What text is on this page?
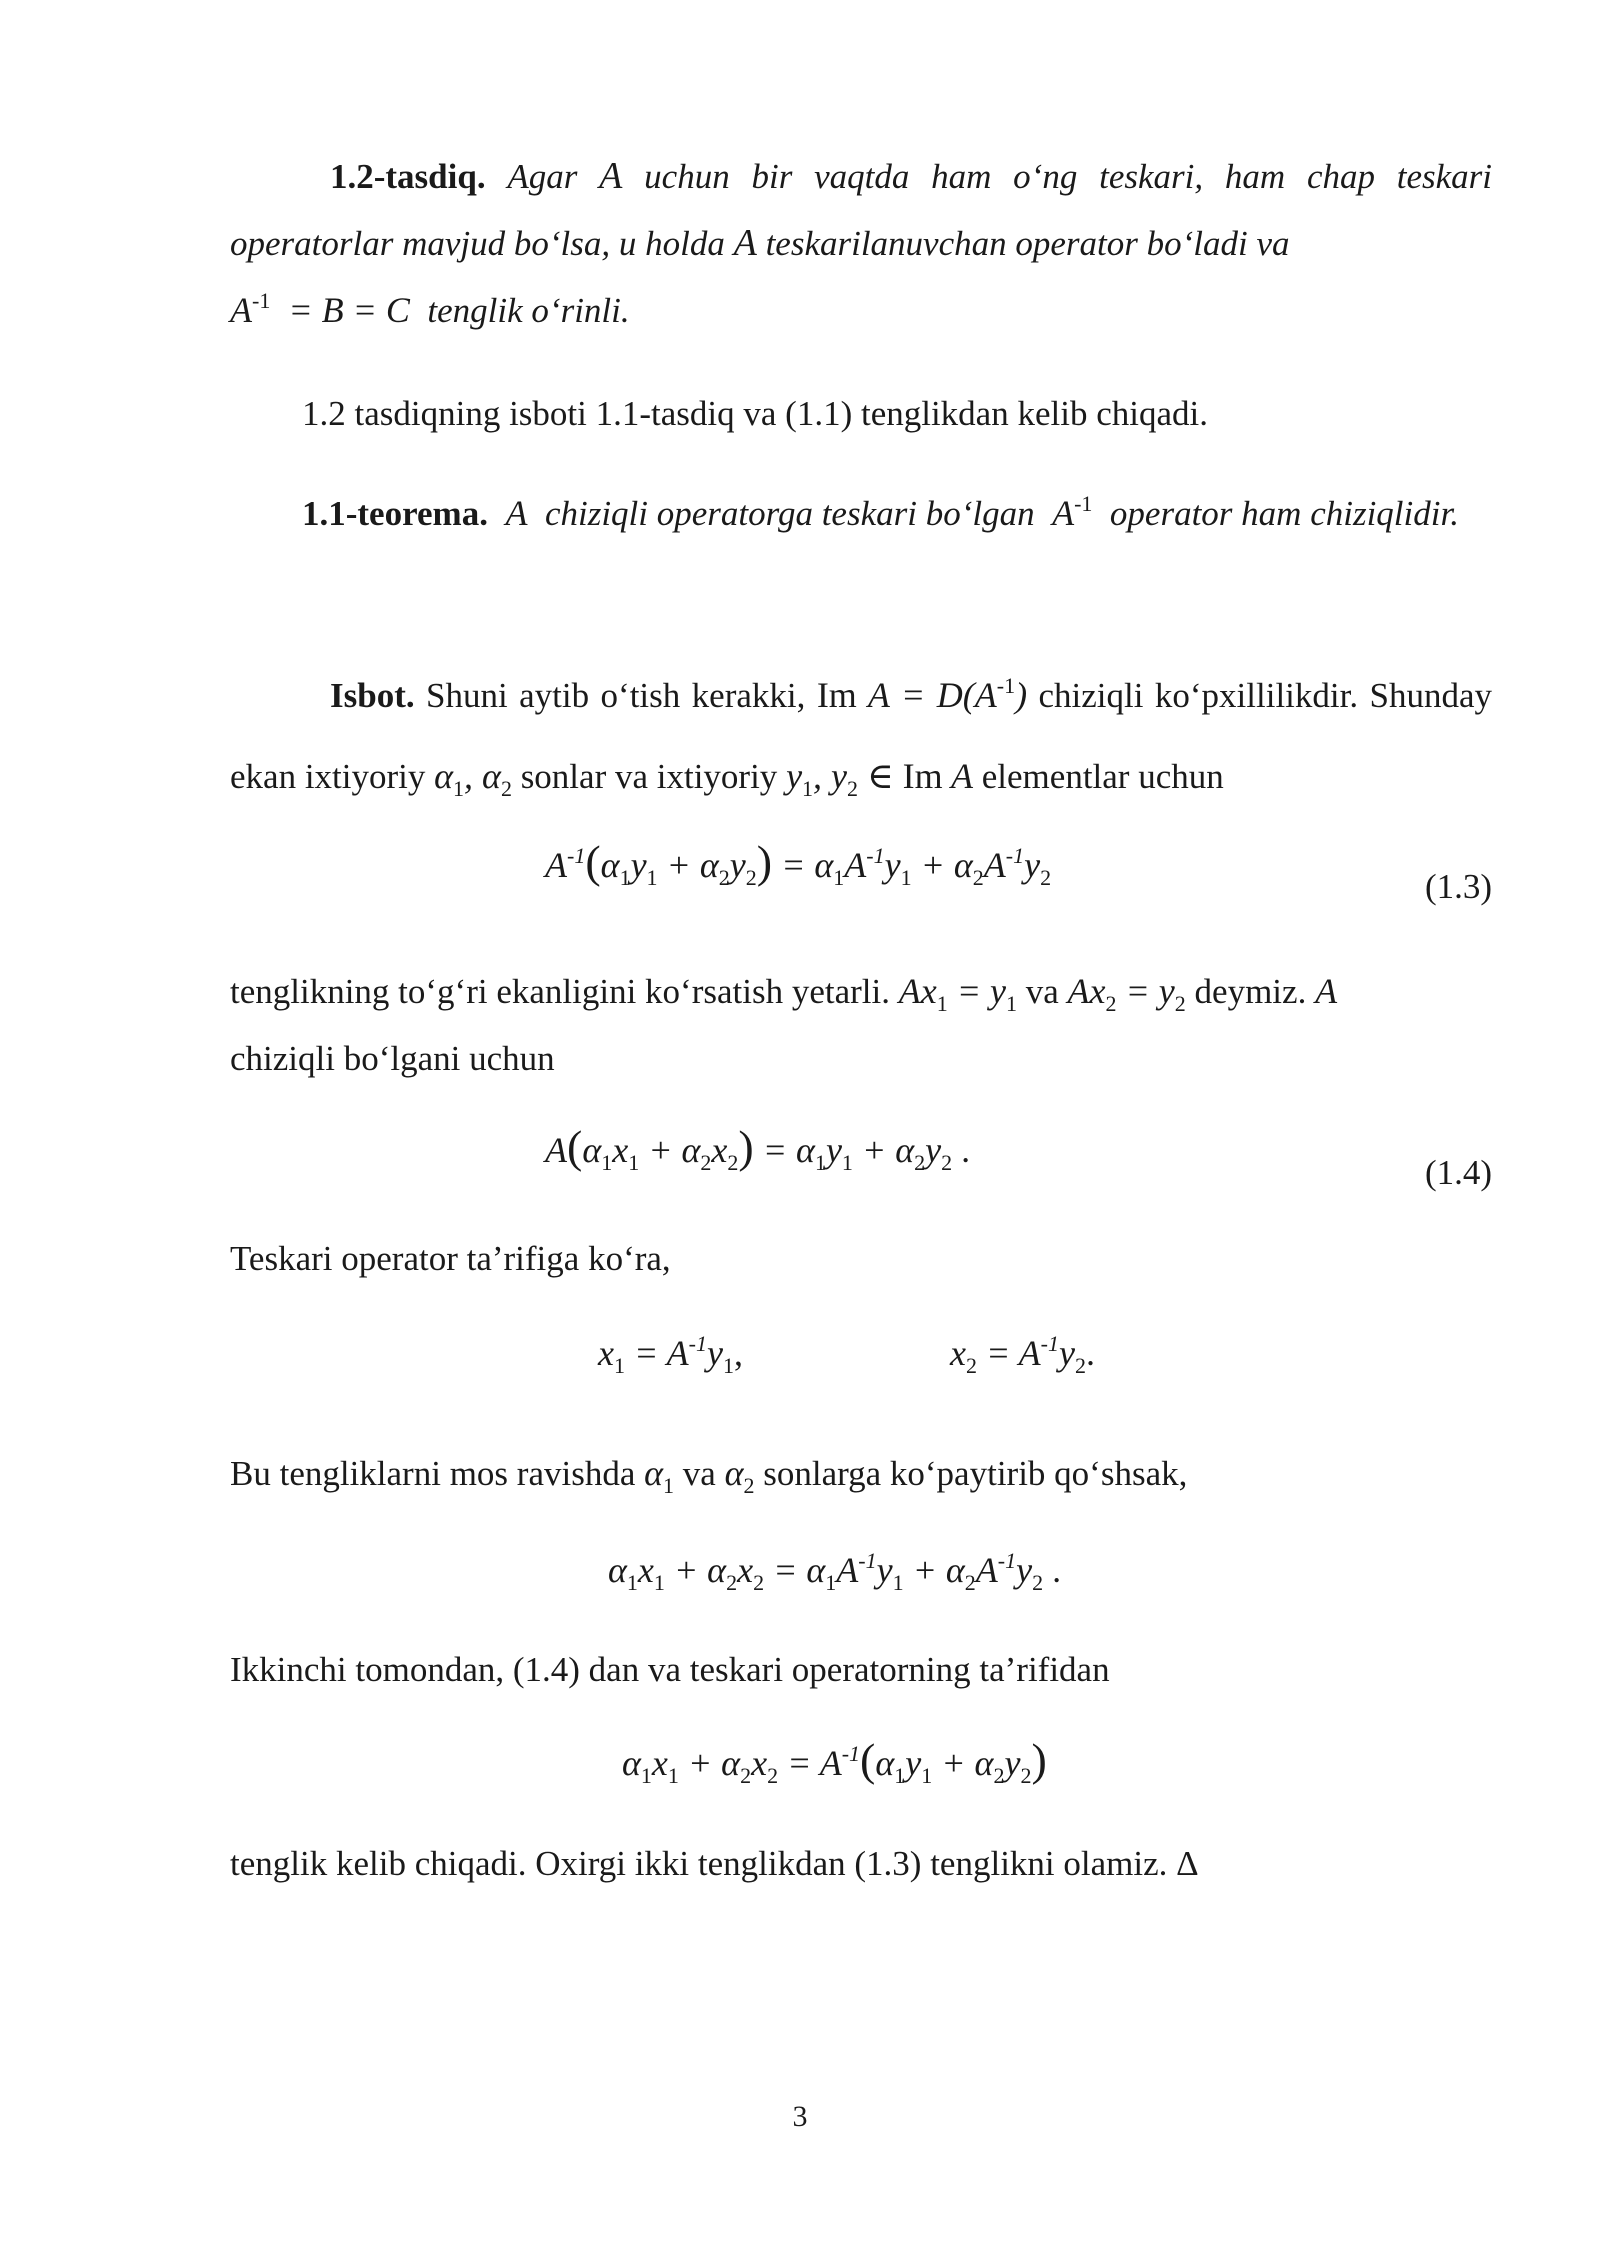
1.2-tasdiq. Agar A uchun bir vaqtda ham o‘ng teskari, ham chap teskari operatorlar mavjud bo‘lsa, u holda A teskarilanuvchan operator bo‘ladi va
$A^{-1} = B = C$ tenglik o‘rinli.
1.2 tasdiqning isboti 1.1-tasdiq va (1.1) tenglikdan kelib chiqadi.
1.1-teorema. A chiziqli operatorga teskari bo‘lgan $A^{-1}$ operator ham chiziqlidir.
Isbot. Shuni aytib o‘tish kerakki, Im $A = D(A^{-1})$ chiziqli ko‘pxillilikdir. Shunday ekan ixtiyoriy $\alpha_1$, $\alpha_2$ sonlar va ixtiyoriy $y_1$, $y_2$ ∈ Im A elementlar uchun
$A^{-1}(\alpha_1y_1 + \alpha_2y_2) = \alpha_1A^{-1}y_1 + \alpha_2A^{-1}y_2$	(1.3)
tenglikning to‘g‘ri ekanligini ko‘rsatish yetarli. $Ax_1 = y_1$ va $Ax_2 = y_2$ deymiz. A
chiziqli bo‘lgani uchun
$A(\alpha_1x_1 + \alpha_2x_2) = \alpha_1y_1 + \alpha_2y_2$ .
(1.4)
Teskari operator ta’rifiga ko‘ra,
$x_1 = A^{-1}y_1$,	$x_2 = A^{-1}y_2$.
Bu tengliklarni mos ravishda $\alpha_1$ va $\alpha_2$ sonlarga ko‘paytirib qo‘shsak,
$\alpha_1x_1 + \alpha_2x_2 = \alpha_1A^{-1}y_1 + \alpha_2A^{-1}y_2$ .
Ikkinchi tomondan, (1.4) dan va teskari operatorning ta’rifidan
$\alpha_1x_1 + \alpha_2x_2 = A^{-1}(\alpha_1y_1 + \alpha_2y_2)$
tenglik kelib chiqadi. Oxirgi ikki tenglikdan (1.3) tenglikni olamiz. Δ
3
